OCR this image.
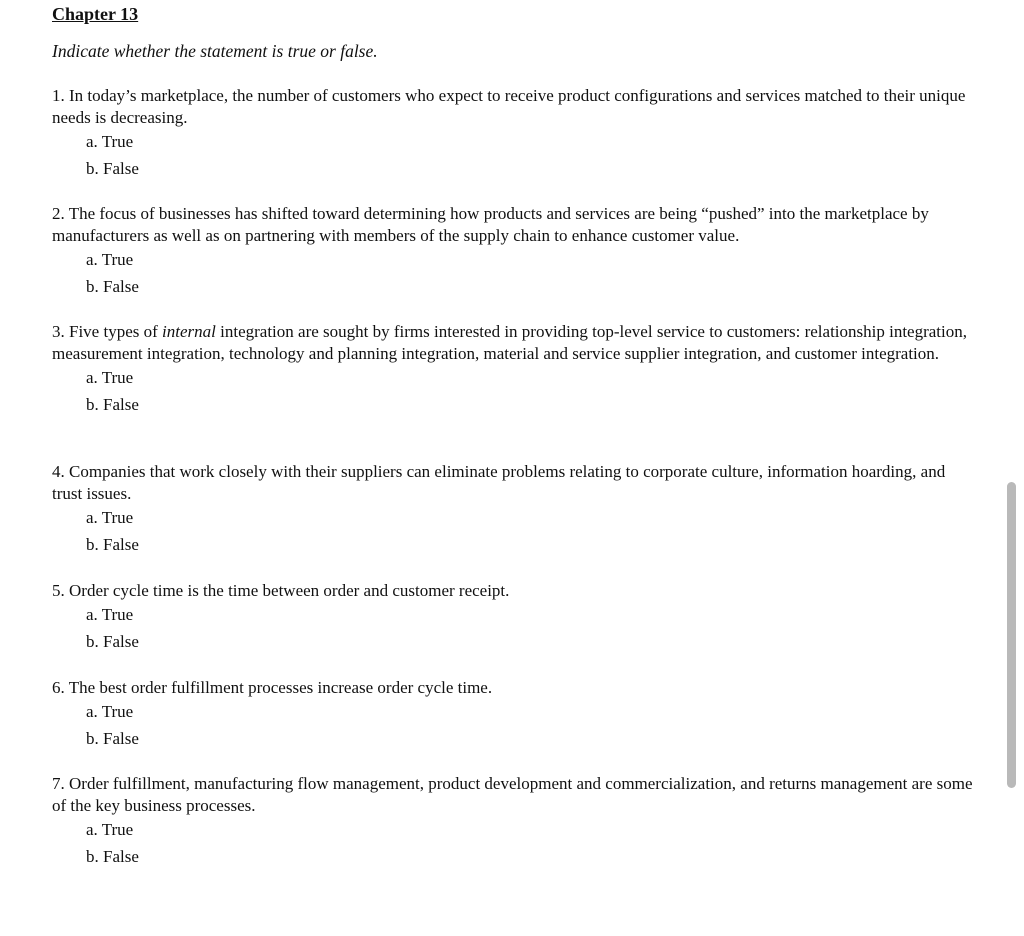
Chapter 13
Indicate whether the statement is true or false.

1. In today’s marketplace, the number of customers who expect to receive product configurations and services matched to their unique needs is decreasing.

a. True
b. False

2. The focus of businesses has shifted toward determining how products and services are being “pushed” into the marketplace by manufacturers as well as on partnering with members of the supply chain to enhance customer value.

a. True
b. False

3. Five types of internal integration are sought by firms interested in providing top-level service to customers: relationship integration, measurement integration, technology and planning integration, material and service supplier integration, and customer integration.

a. True
b. False

4. Companies that work closely with their suppliers can eliminate problems relating to corporate culture, information hoarding, and trust issues.

a. True
b. False

5. Order cycle time is the time between order and customer receipt.

a. True
b. False

6. The best order fulfillment processes increase order cycle time.

a. True
b. False

7. Order fulfillment, manufacturing flow management, product development and commercialization, and returns management are some of the key business processes.

a. True
b. False
